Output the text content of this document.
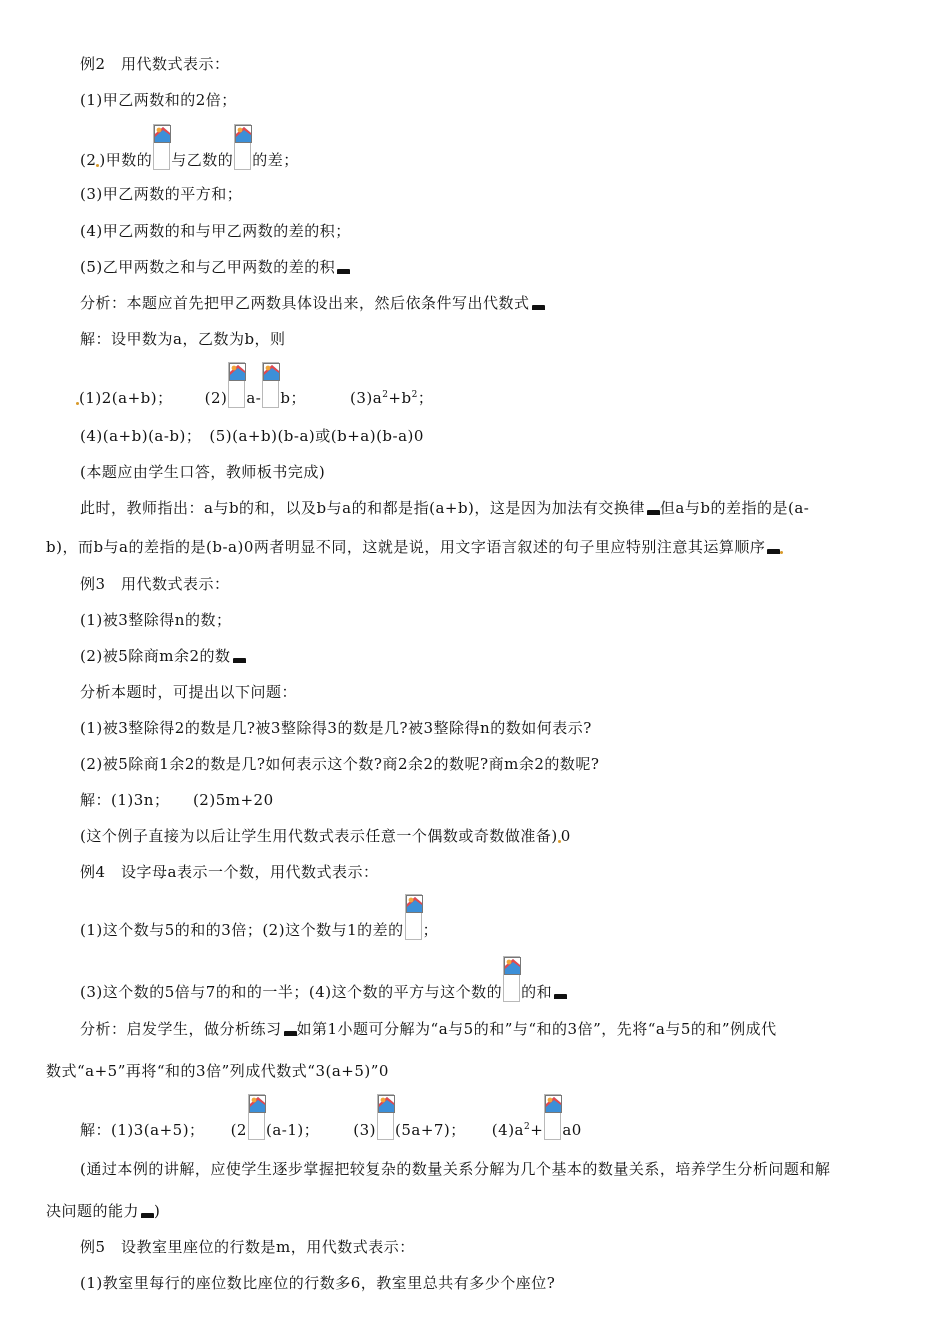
例2　用代数式表示：
(1)甲乙两数和的2倍；
(2 )甲数的 与乙数的 的差；
(3)甲乙两数的平方和；
(4)甲乙两数的和与甲乙两数的差的积；
(5)乙甲两数之和与乙甲两数的差的积
分析：本题应首先把甲乙两数具体设出来，然后依条件写出代数式
解：设甲数为a，乙数为b，则
(1)2(a+b)； (2) a- b；	$(3)a^2+b^2$；
(4)(a+b)(a-b)；　(5)(a+b)(b-a)或(b+a)(b-a)0
(本题应由学生口答，教师板书完成)
此时，教师指出：a与b的和，以及b与a的和都是指(a+b)，这是因为加法有交换律 但a与b的差指的是(a-
b)，而b与a的差指的是(b-a)0两者明显不同，这就是说，用文字语言叙述的句子里应特别注意其运算顺序
例3　用代数式表示：
(1)被3整除得n的数；
(2)被5除商m余2的数
分析本题时，可提出以下问题：
(1)被3整除得2的数是几?被3整除得3的数是几?被3整除得n的数如何表示?
(2)被5除商1余2的数是几?如何表示这个数?商2余2的数呢?商m余2的数呢?
解：(1)3n；　　(2)5m+20
(这个例子直接为以后让学生用代数式表示任意一个偶数或奇数做准备) 0
例4　设字母a表示一个数，用代数式表示：
(1)这个数与5的和的3倍；(2)这个数与1的差的 ；
(3)这个数的5倍与7的和的一半；(4)这个数的平方与这个数的 的和
分析：启发学生，做分析练习 如第1小题可分解为“a与5的和”与“和的3倍”，先将“a与5的和”例成代
数式“a+5”再将“和的3倍”列成代数式“3(a+5)”0
解：(1)3(a+5)； (2 (a-1)； (3) (5a+7)； $(4)a^2+ a0$
(通过本例的讲解，应使学生逐步掌握把较复杂的数量关系分解为几个基本的数量关系，培养学生分析问题和解
决问题的能力 )
例5　设教室里座位的行数是m，用代数式表示：
(1)教室里每行的座位数比座位的行数多6，教室里总共有多少个座位?
